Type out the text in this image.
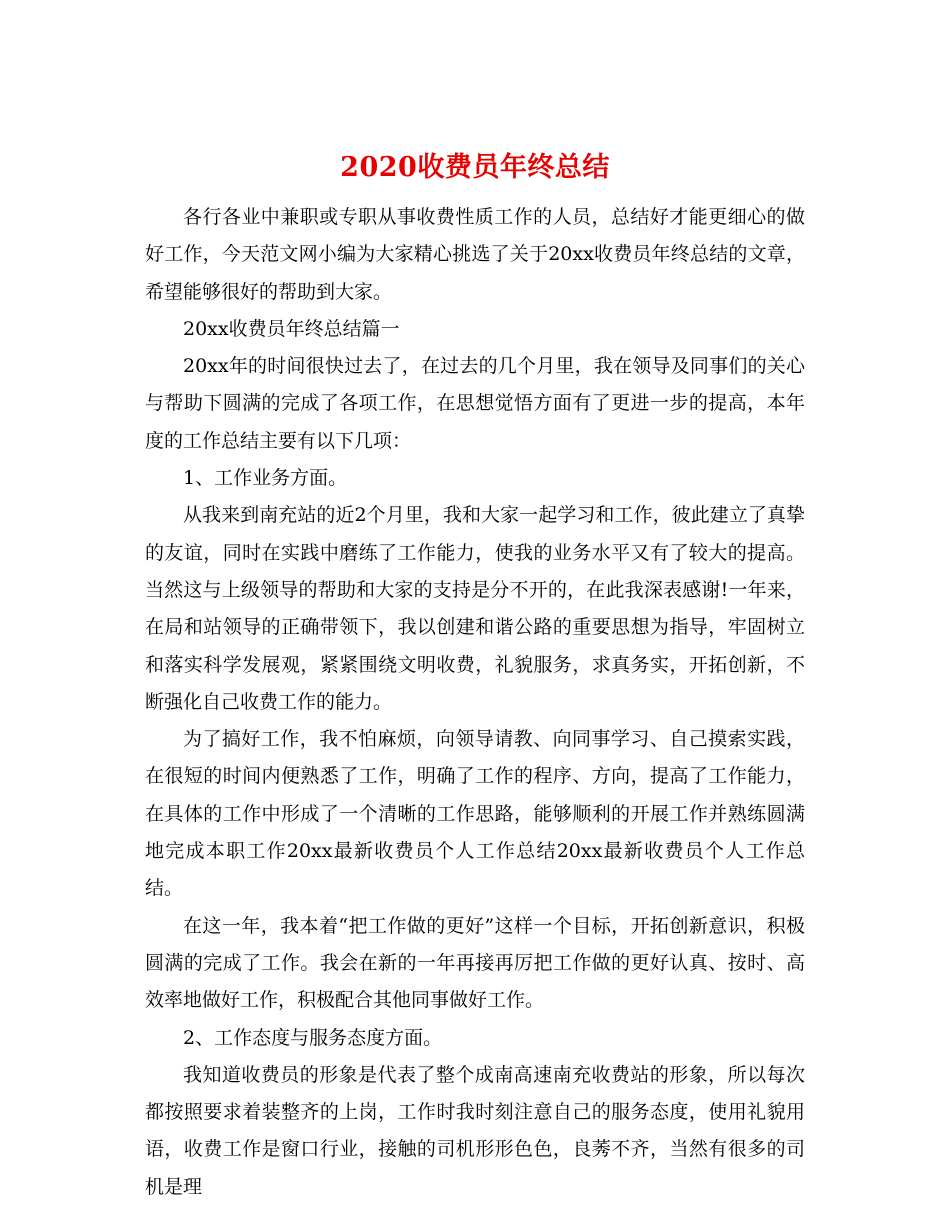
2020收费员年终总结

各行各业中兼职或专职从事收费性质工作的人员，总结好才能更细心的做好工作，今天范文网小编为大家精心挑选了关于20xx收费员年终总结的文章，希望能够很好的帮助到大家。

20xx收费员年终总结篇一

20xx年的时间很快过去了，在过去的几个月里，我在领导及同事们的关心与帮助下圆满的完成了各项工作，在思想觉悟方面有了更进一步的提高，本年度的工作总结主要有以下几项：

1、工作业务方面。

从我来到南充站的近2个月里，我和大家一起学习和工作，彼此建立了真挚的友谊，同时在实践中磨练了工作能力，使我的业务水平又有了较大的提高。当然这与上级领导的帮助和大家的支持是分不开的，在此我深表感谢!一年来，在局和站领导的正确带领下，我以创建和谐公路的重要思想为指导，牢固树立和落实科学发展观，紧紧围绕文明收费，礼貌服务，求真务实，开拓创新，不断强化自己收费工作的能力。

为了搞好工作，我不怕麻烦，向领导请教、向同事学习、自己摸索实践，在很短的时间内便熟悉了工作，明确了工作的程序、方向，提高了工作能力，在具体的工作中形成了一个清晰的工作思路，能够顺利的开展工作并熟练圆满地完成本职工作20xx最新收费员个人工作总结20xx最新收费员个人工作总结。

在这一年，我本着“把工作做的更好”这样一个目标，开拓创新意识，积极圆满的完成了工作。我会在新的一年再接再厉把工作做的更好认真、按时、高效率地做好工作，积极配合其他同事做好工作。

2、工作态度与服务态度方面。

我知道收费员的形象是代表了整个成南高速南充收费站的形象，所以每次都按照要求着装整齐的上岗，工作时我时刻注意自己的服务态度，使用礼貌用语，收费工作是窗口行业，接触的司机形形色色，良莠不齐，当然有很多的司机是理
